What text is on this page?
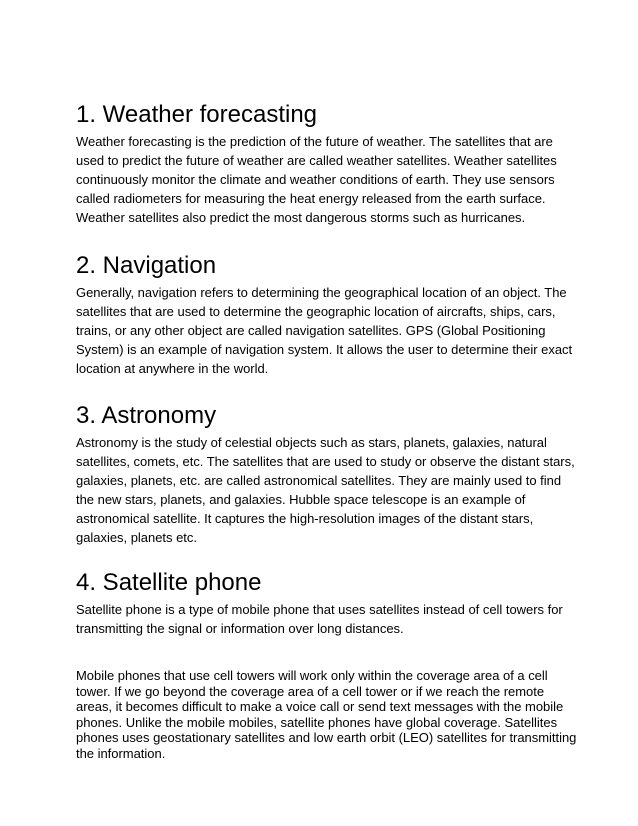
1. Weather forecasting

Weather forecasting is the prediction of the future of weather. The satellites that are
used to predict the future of weather are called weather satellites. Weather satellites
continuously monitor the climate and weather conditions of earth. They use sensors
called radiometers for measuring the heat energy released from the earth surface.
Weather satellites also predict the most dangerous storms such as hurricanes.

2. Navigation

Generally, navigation refers to determining the geographical location of an object. The
satellites that are used to determine the geographic location of aircrafts, ships, cars,
trains, or any other object are called navigation satellites. GPS (Global Positioning
System) is an example of navigation system. It allows the user to determine their exact
location at anywhere in the world.

3. Astronomy

Astronomy is the study of celestial objects such as stars, planets, galaxies, natural
satellites, comets, etc. The satellites that are used to study or observe the distant stars,
galaxies, planets, etc. are called astronomical satellites. They are mainly used to find
the new stars, planets, and galaxies. Hubble space telescope is an example of
astronomical satellite. It captures the high-resolution images of the distant stars,
galaxies, planets etc.

4. Satellite phone

Satellite phone is a type of mobile phone that uses satellites instead of cell towers for
transmitting the signal or information over long distances.

Mobile phones that use cell towers will work only within the coverage area of a cell
tower. If we go beyond the coverage area of a cell tower or if we reach the remote
areas, it becomes difficult to make a voice call or send text messages with the mobile
phones. Unlike the mobile mobiles, satellite phones have global coverage. Satellites
phones uses geostationary satellites and low earth orbit (LEO) satellites for transmitting
the information.
